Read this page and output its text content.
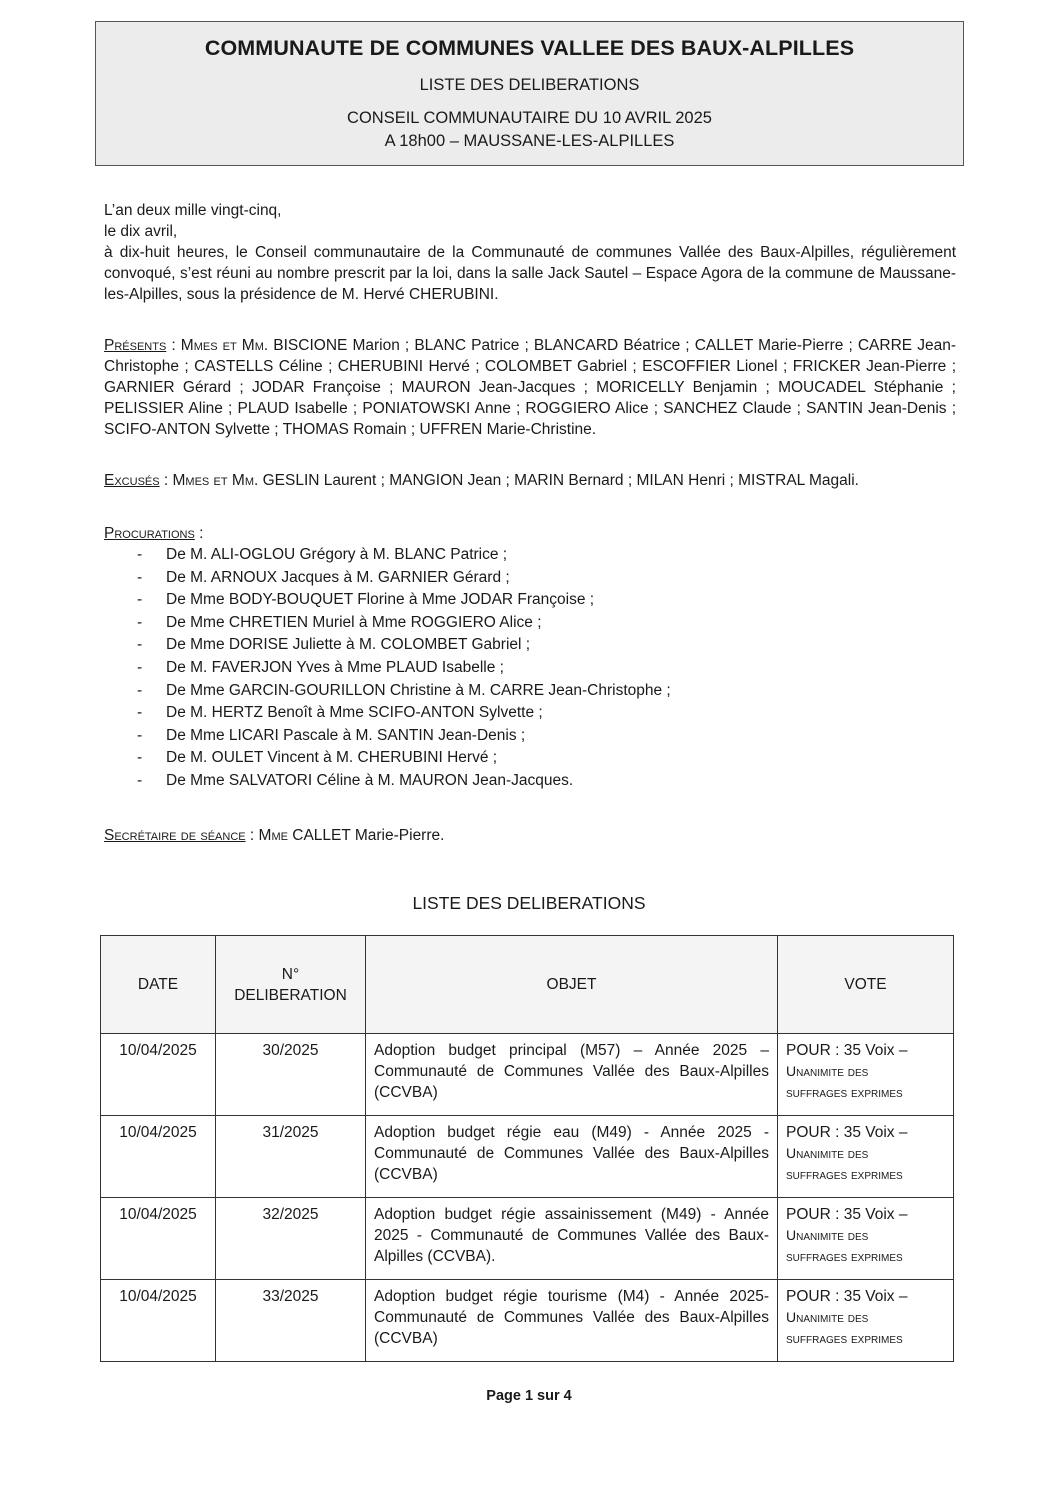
COMMUNAUTE DE COMMUNES VALLEE DES BAUX-ALPILLES
LISTE DES DELIBERATIONS
CONSEIL COMMUNAUTAIRE DU 10 AVRIL 2025
A 18h00 – MAUSSANE-LES-ALPILLES
L’an deux mille vingt-cinq,
le dix avril,
à dix-huit heures, le Conseil communautaire de la Communauté de communes Vallée des Baux-Alpilles, régulièrement convoqué, s’est réuni au nombre prescrit par la loi, dans la salle Jack Sautel – Espace Agora de la commune de Maussane-les-Alpilles, sous la présidence de M. Hervé CHERUBINI.
Présents : Mmes et Mm. BISCIONE Marion ; BLANC Patrice ; BLANCARD Béatrice ; CALLET Marie-Pierre ; CARRE Jean-Christophe ; CASTELLS Céline ; CHERUBINI Hervé ; COLOMBET Gabriel ; ESCOFFIER Lionel ; FRICKER Jean-Pierre ; GARNIER Gérard ; JODAR Françoise ; MAURON Jean-Jacques ; MORICELLY Benjamin ; MOUCADEL Stéphanie ; PELISSIER Aline ; PLAUD Isabelle ; PONIATOWSKI Anne ; ROGGIERO Alice ; SANCHEZ Claude ; SANTIN Jean-Denis ; SCIFO-ANTON Sylvette ; THOMAS Romain ; UFFREN Marie-Christine.
Excusés : Mmes et Mm. GESLIN Laurent ; MANGION Jean ; MARIN Bernard ; MILAN Henri ; MISTRAL Magali.
Procurations :
- De M. ALI-OGLOU Grégory à M. BLANC Patrice ;
- De M. ARNOUX Jacques à M. GARNIER Gérard ;
- De Mme BODY-BOUQUET Florine à Mme JODAR Françoise ;
- De Mme CHRETIEN Muriel à Mme ROGGIERO Alice ;
- De Mme DORISE Juliette à M. COLOMBET Gabriel ;
- De M. FAVERJON Yves à Mme PLAUD Isabelle ;
- De Mme GARCIN-GOURILLON Christine à M. CARRE Jean-Christophe ;
- De M. HERTZ Benoît à Mme SCIFO-ANTON Sylvette ;
- De Mme LICARI Pascale à M. SANTIN Jean-Denis ;
- De M. OULET Vincent à M. CHERUBINI Hervé ;
- De Mme SALVATORI Céline à M. MAURON Jean-Jacques.
Secrétaire de séance : Mme CALLET Marie-Pierre.
LISTE DES DELIBERATIONS
DATE	N°
DELIBERATION	OBJET	VOTE
10/04/2025	30/2025	Adoption budget principal (M57) – Année 2025 – Communauté de Communes Vallée des Baux-Alpilles (CCVBA)	POUR : 35 Voix –
Unanimite des
suffrages exprimes

10/04/2025	31/2025	Adoption budget régie eau (M49) - Année 2025 - Communauté de Communes Vallée des Baux-Alpilles (CCVBA)	POUR : 35 Voix –
Unanimite des
suffrages exprimes

10/04/2025	32/2025	Adoption budget régie assainissement (M49) - Année 2025 - Communauté de Communes Vallée des Baux-Alpilles (CCVBA).	POUR : 35 Voix –
Unanimite des
suffrages exprimes

10/04/2025	33/2025	Adoption budget régie tourisme (M4) - Année 2025- Communauté de Communes Vallée des Baux-Alpilles (CCVBA)	POUR : 35 Voix –
Unanimite des
suffrages exprimes
Page 1 sur 4
